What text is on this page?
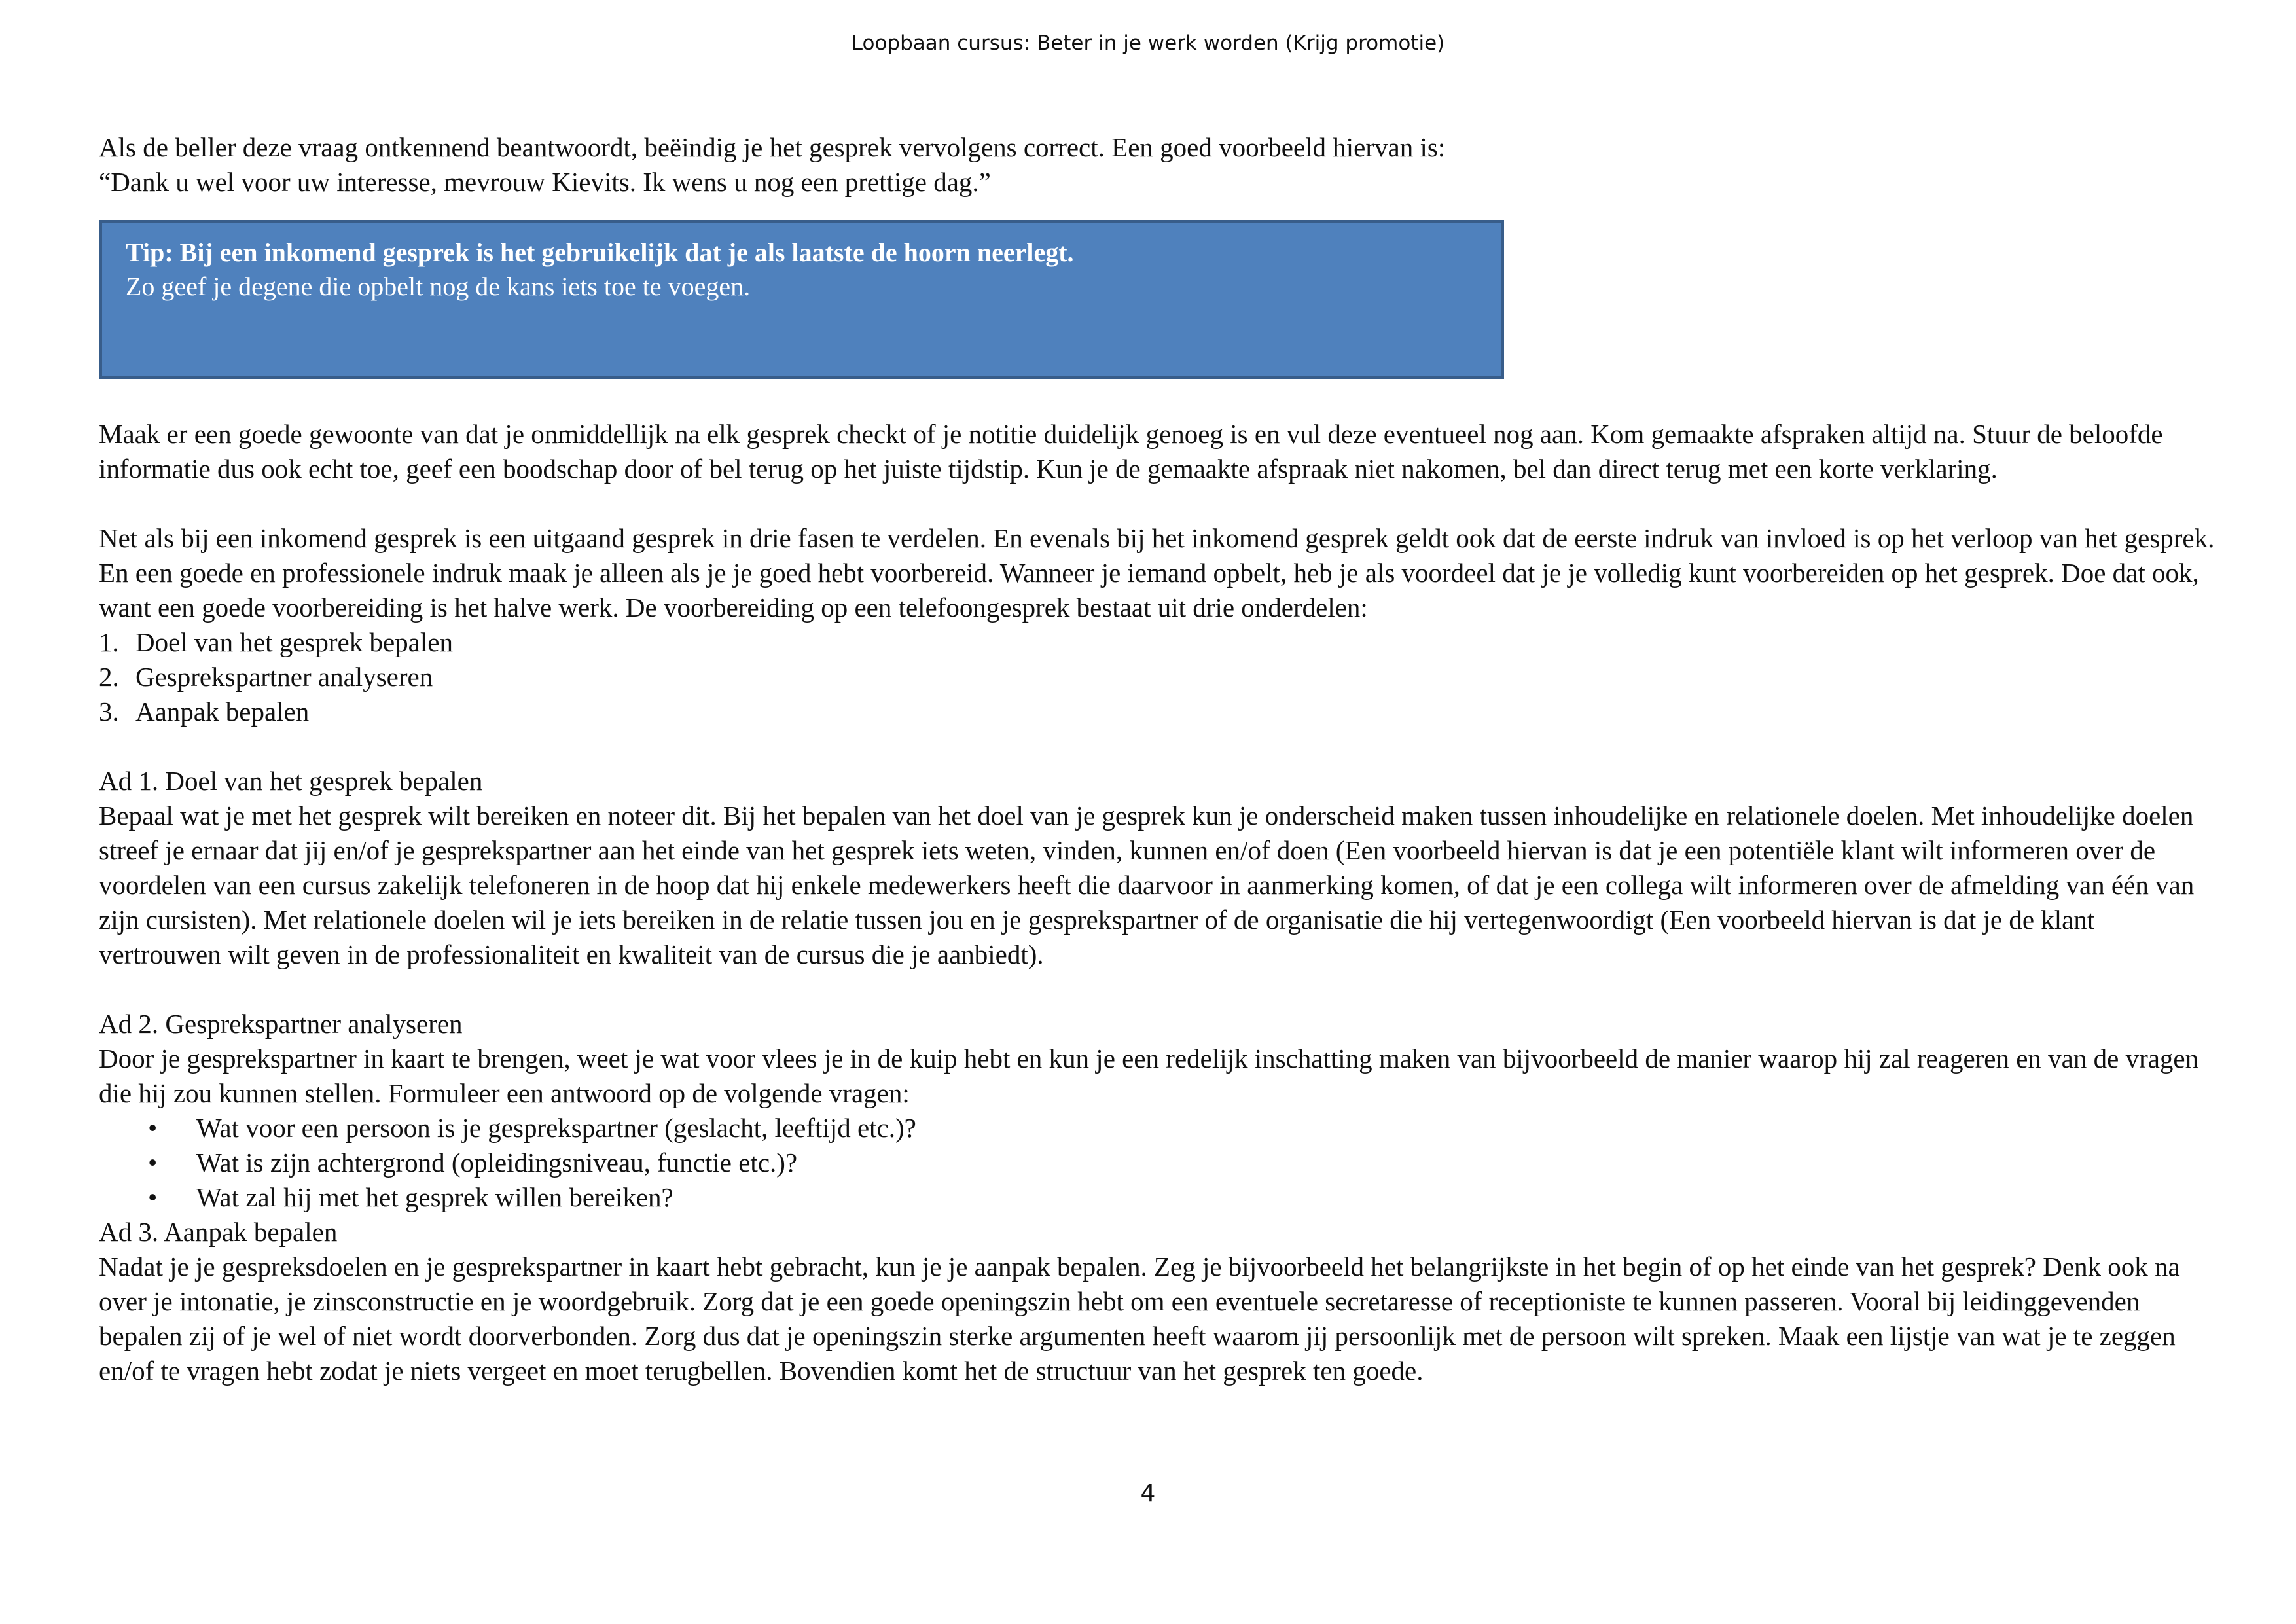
Loopbaan cursus: Beter in je werk worden (Krijg promotie)

Als de beller deze vraag ontkennend beantwoordt, beëindig je het gesprek vervolgens correct. Een goed voorbeeld hiervan is:

“Dank u wel voor uw interesse, mevrouw Kievits. Ik wens u nog een prettige dag.”

Tip: Bij een inkomend gesprek is het gebruikelijk dat je als laatste de hoorn neerlegt.
Zo geef je degene die opbelt nog de kans iets toe te voegen.

Maak er een goede gewoonte van dat je onmiddellijk na elk gesprek checkt of je notitie duidelijk genoeg is en vul deze eventueel nog aan. Kom gemaakte afspraken altijd na. Stuur de beloofde informatie dus ook echt toe, geef een boodschap door of bel terug op het juiste tijdstip. Kun je de gemaakte afspraak niet nakomen, bel dan direct terug met een korte verklaring.

Net als bij een inkomend gesprek is een uitgaand gesprek in drie fasen te verdelen. En evenals bij het inkomend gesprek geldt ook dat de eerste indruk van invloed is op het verloop van het gesprek. En een goede en professionele indruk maak je alleen als je je goed hebt voorbereid. Wanneer je iemand opbelt, heb je als voordeel dat je je volledig kunt voorbereiden op het gesprek. Doe dat ook, want een goede voorbereiding is het halve werk. De voorbereiding op een telefoongesprek bestaat uit drie onderdelen:

1. Doel van het gesprek bepalen
2. Gesprekspartner analyseren
3. Aanpak bepalen

Ad 1. Doel van het gesprek bepalen

Bepaal wat je met het gesprek wilt bereiken en noteer dit. Bij het bepalen van het doel van je gesprek kun je onderscheid maken tussen inhoudelijke en relationele doelen. Met inhoudelijke doelen streef je ernaar dat jij en/of je gesprekspartner aan het einde van het gesprek iets weten, vinden, kunnen en/of doen (Een voorbeeld hiervan is dat je een potentiële klant wilt informeren over de voordelen van een cursus zakelijk telefoneren in de hoop dat hij enkele medewerkers heeft die daarvoor in aanmerking komen, of dat je een collega wilt informeren over de afmelding van één van zijn cursisten). Met relationele doelen wil je iets bereiken in de relatie tussen jou en je gesprekspartner of de organisatie die hij vertegenwoordigt (Een voorbeeld hiervan is dat je de klant vertrouwen wilt geven in de professionaliteit en kwaliteit van de cursus die je aanbiedt).

Ad 2. Gesprekspartner analyseren

Door je gesprekspartner in kaart te brengen, weet je wat voor vlees je in de kuip hebt en kun je een redelijk inschatting maken van bijvoorbeeld de manier waarop hij zal reageren en van de vragen die hij zou kunnen stellen. Formuleer een antwoord op de volgende vragen:

•	Wat voor een persoon is je gesprekspartner (geslacht, leeftijd etc.)?
•	Wat is zijn achtergrond (opleidingsniveau, functie etc.)?
•	Wat zal hij met het gesprek willen bereiken?

Ad 3. Aanpak bepalen

Nadat je je gespreksdoelen en je gesprekspartner in kaart hebt gebracht, kun je je aanpak bepalen. Zeg je bijvoorbeeld het belangrijkste in het begin of op het einde van het gesprek? Denk ook na over je intonatie, je zinsconstructie en je woordgebruik. Zorg dat je een goede openingszin hebt om een eventuele secretaresse of receptioniste te kunnen passeren. Vooral bij leidinggevenden bepalen zij of je wel of niet wordt doorverbonden. Zorg dus dat je openingszin sterke argumenten heeft waarom jij persoonlijk met de persoon wilt spreken. Maak een lijstje van wat je te zeggen en/of te vragen hebt zodat je niets vergeet en moet terugbellen. Bovendien komt het de structuur van het gesprek ten goede.

4
